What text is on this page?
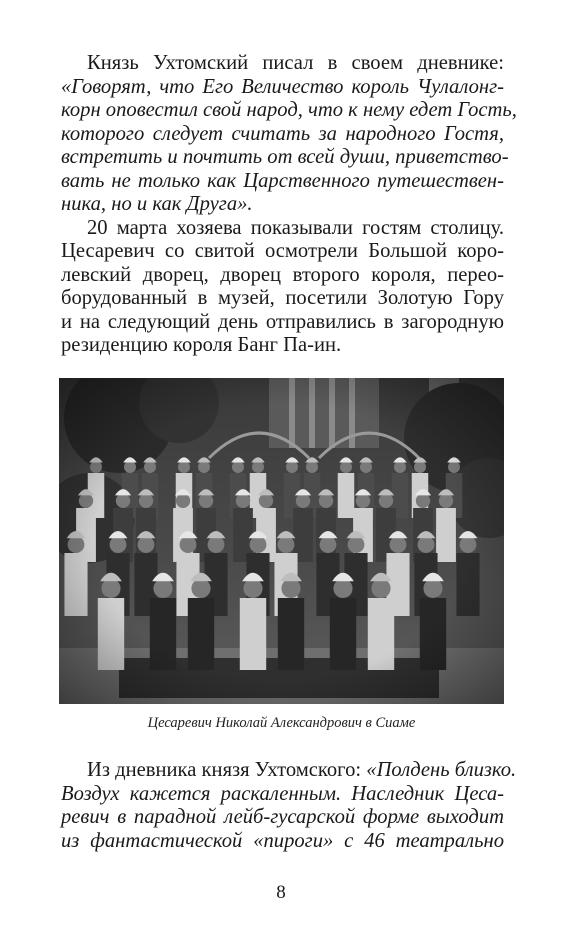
Князь Ухтомский писал в своем дневнике:
«Говорят, что Его Величество король Чулалонг-
корн оповестил свой народ, что к нему едет Гость,
которого следует считать за народного Гостя,
встретить и почтить от всей души, приветство-
вать не только как Царственного путешествен-
ника, но и как Друга».

20 марта хозяева показывали гостям столицу.
Цесаревич со свитой осмотрели Большой коро-
левский дворец, дворец второго короля, перео-
борудованный в музей, посетили Золотую Гору
и на следующий день отправились в загородную
резиденцию короля Банг Па-ин.

Цесаревич Николай Александрович в Сиаме

Из дневника князя Ухтомского: «Полдень близко.
Воздух кажется раскаленным. Наследник Цеса-
ревич в парадной лейб-гусарской форме выходит
из фантастической «пироги» с 46 театрально

8
